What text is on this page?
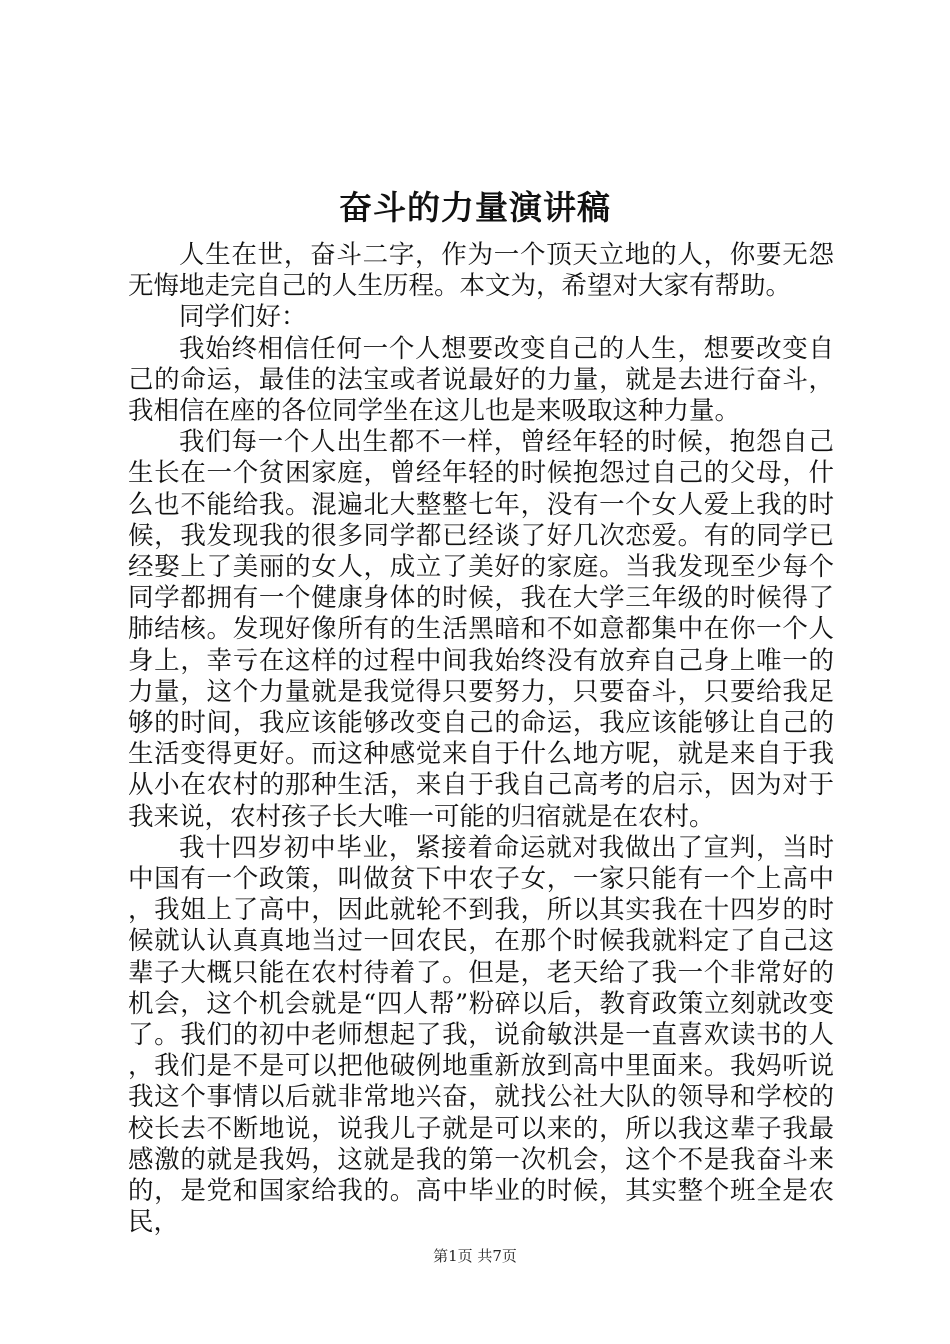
奋斗的力量演讲稿

人生在世，奋斗二字，作为一个顶天立地的人，你要无怨无悔地走完自己的人生历程。本文为，希望对大家有帮助。

同学们好：

我始终相信任何一个人想要改变自己的人生，想要改变自己的命运，最佳的法宝或者说最好的力量，就是去进行奋斗，我相信在座的各位同学坐在这儿也是来吸取这种力量。

我们每一个人出生都不一样，曾经年轻的时候，抱怨自己生长在一个贫困家庭，曾经年轻的时候抱怨过自己的父母，什么也不能给我。混遍北大整整七年，没有一个女人爱上我的时候，我发现我的很多同学都已经谈了好几次恋爱。有的同学已经娶上了美丽的女人，成立了美好的家庭。当我发现至少每个同学都拥有一个健康身体的时候，我在大学三年级的时候得了肺结核。发现好像所有的生活黑暗和不如意都集中在你一个人身上，幸亏在这样的过程中间我始终没有放弃自己身上唯一的力量，这个力量就是我觉得只要努力，只要奋斗，只要给我足够的时间，我应该能够改变自己的命运，我应该能够让自己的生活变得更好。而这种感觉来自于什么地方呢，就是来自于我从小在农村的那种生活，来自于我自己高考的启示，因为对于我来说，农村孩子长大唯一可能的归宿就是在农村。

我十四岁初中毕业，紧接着命运就对我做出了宣判，当时中国有一个政策，叫做贫下中农子女，一家只能有一个上高中，我姐上了高中，因此就轮不到我，所以其实我在十四岁的时候就认认真真地当过一回农民，在那个时候我就料定了自己这辈子大概只能在农村待着了。但是，老天给了我一个非常好的机会，这个机会就是“四人帮”粉碎以后，教育政策立刻就改变了。我们的初中老师想起了我，说俞敏洪是一直喜欢读书的人，我们是不是可以把他破例地重新放到高中里面来。我妈听说我这个事情以后就非常地兴奋，就找公社大队的领导和学校的校长去不断地说，说我儿子就是可以来的，所以我这辈子我最感激的就是我妈，这就是我的第一次机会，这个不是我奋斗来的，是党和国家给我的。高中毕业的时候，其实整个班全是农民，

第1页 共7页
